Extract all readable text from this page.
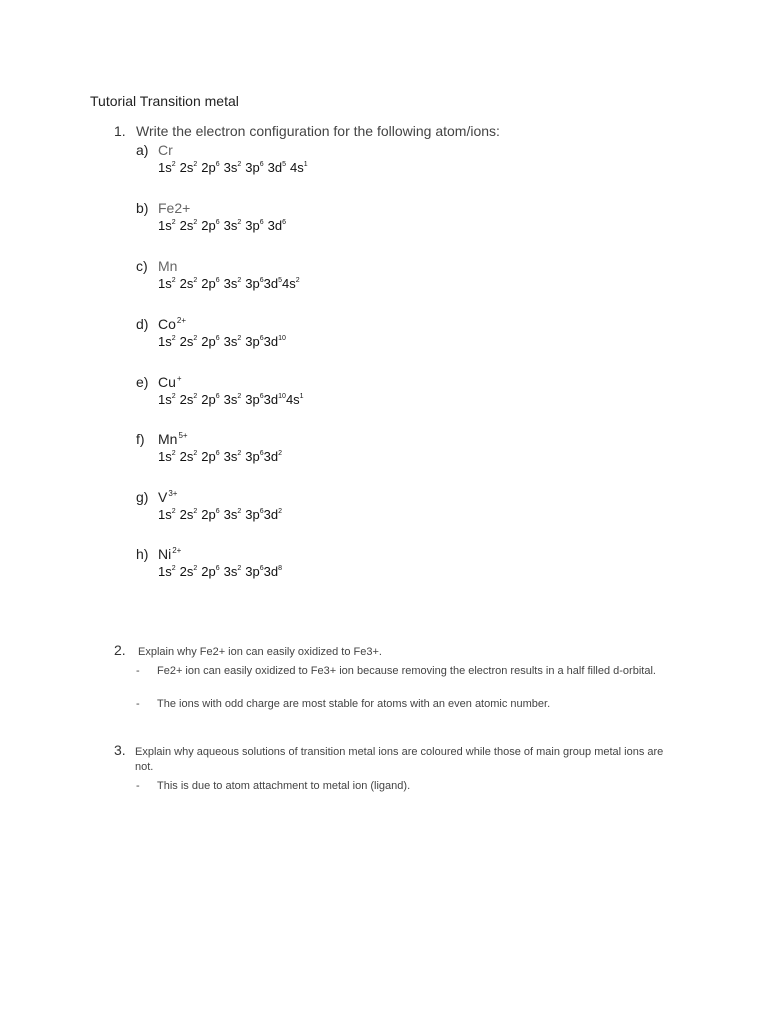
Tutorial Transition metal
1. Write the electron configuration for the following atom/ions:
a) Cr
$1s^2$ $2s^2$ $2p^6$ $3s^2$ $3p^6$ $3d^5$ $4s^1$
b) Fe2+
$1s^2$ $2s^2$ $2p^6$ $3s^2$ $3p^6$ $3d^6$
c) Mn
$1s^2$ $2s^2$ $2p^6$ $3s^2$ $3p^63d^54s^2$
d) $Co^{2+}$
$1s^2$ $2s^2$ $2p^6$ $3s^2$ $3p^63d^{10}$
e) Cu+
$1s^2$ $2s^2$ $2p^6$ $3s^2$ $3p^63d^{10}4s^1$
f) $Mn^{5+}$
$1s^2$ $2s^2$ $2p^6$ $3s^2$ $3p^63d^2$
g) $V^{3+}$
$1s^2$ $2s^2$ $2p^6$ $3s^2$ $3p^63d^2$
h) $Ni^{2+}$
$1s^2$ $2s^2$ $2p^6$ $3s^2$ $3p^63d^8$
2. Explain why Fe2+ ion can easily oxidized to Fe3+.
- Fe2+ ion can easily oxidized to Fe3+ ion because removing the electron results in a half filled d-orbital.
- The ions with odd charge are most stable for atoms with an even atomic number.
3. Explain why aqueous solutions of transition metal ions are coloured while those of main group metal ions are not.
- This is due to atom attachment to metal ion (ligand).
